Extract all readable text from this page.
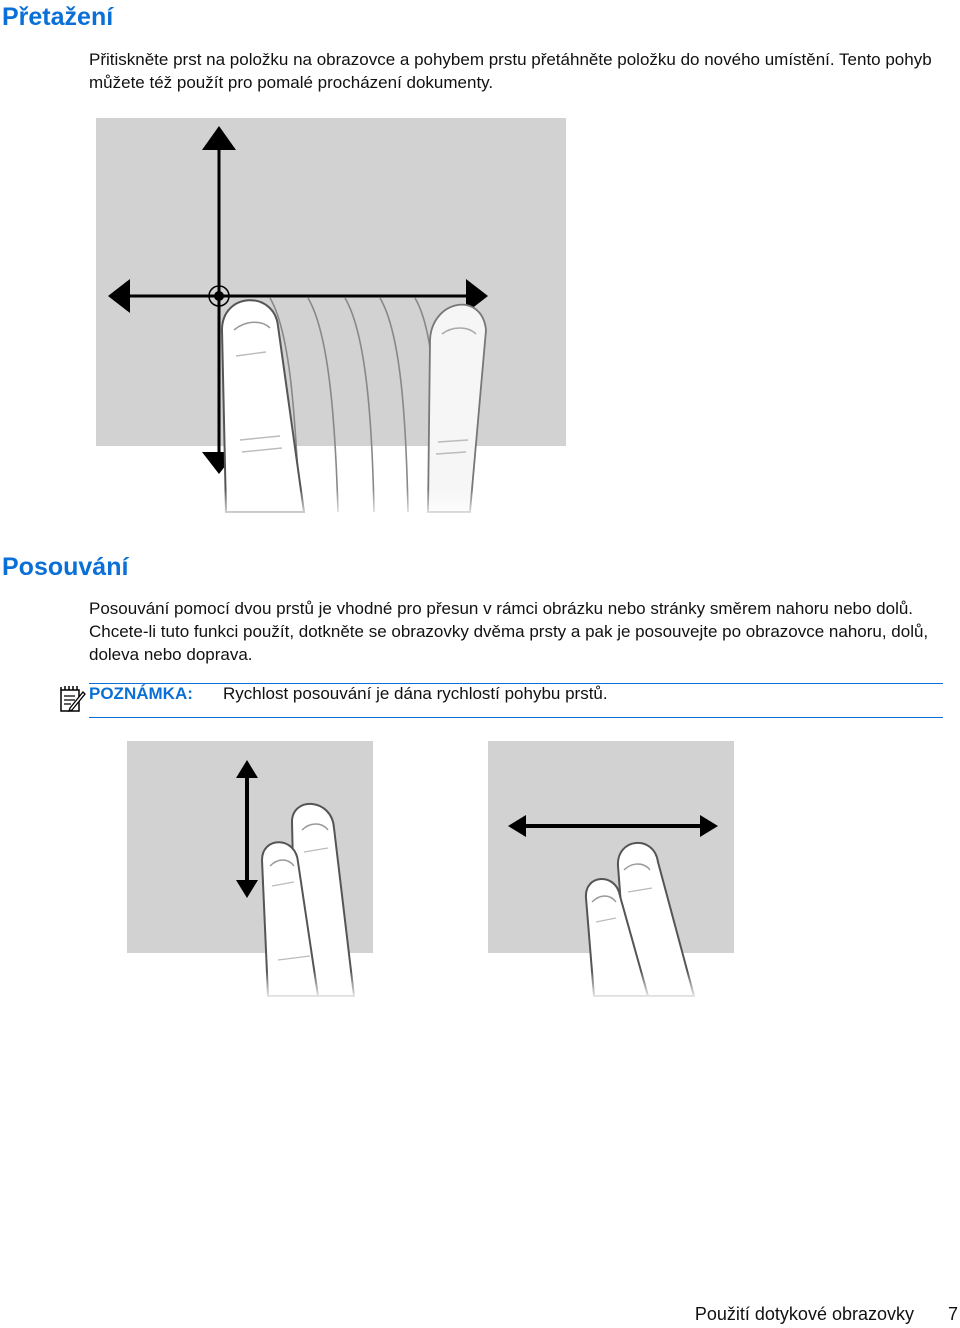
Přetažení

Přitiskněte prst na položku na obrazovce a pohybem prstu přetáhněte položku do nového umístění. Tento pohyb můžete též použít pro pomalé procházení dokumenty.

Posouvání

Posouvání pomocí dvou prstů je vhodné pro přesun v rámci obrázku nebo stránky směrem nahoru nebo dolů. Chcete-li tuto funkci použít, dotkněte se obrazovky dvěma prsty a pak je posouvejte po obrazovce nahoru, dolů, doleva nebo doprava.

POZNÁMKA: Rychlost posouvání je dána rychlostí pohybu prstů.
Použití dotykové obrazovky 7
